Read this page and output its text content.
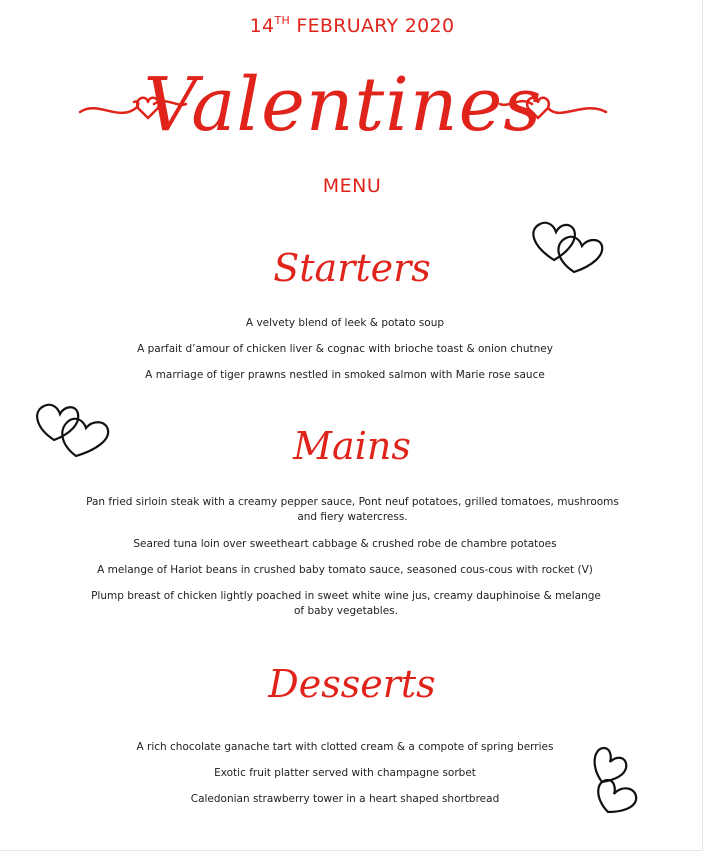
14TH FEBRUARY 2020
Valentines
MENU
Starters
A velvety blend of leek & potato soup
A parfait d’amour of chicken liver & cognac with brioche toast & onion chutney
A marriage of tiger prawns nestled in smoked salmon with Marie rose sauce
Mains
Pan fried sirloin steak with a creamy pepper sauce, Pont neuf potatoes, grilled tomatoes, mushrooms and fiery watercress.
Seared tuna loin over sweetheart cabbage & crushed robe de chambre potatoes
A melange of Hariot beans in crushed baby tomato sauce, seasoned cous-cous with rocket (V)
Plump breast of chicken lightly poached in sweet white wine jus, creamy dauphinoise & melange of baby vegetables.
Desserts
A rich chocolate ganache tart with clotted cream & a compote of spring berries
Exotic fruit platter served with champagne sorbet
Caledonian strawberry tower in a heart shaped shortbread
